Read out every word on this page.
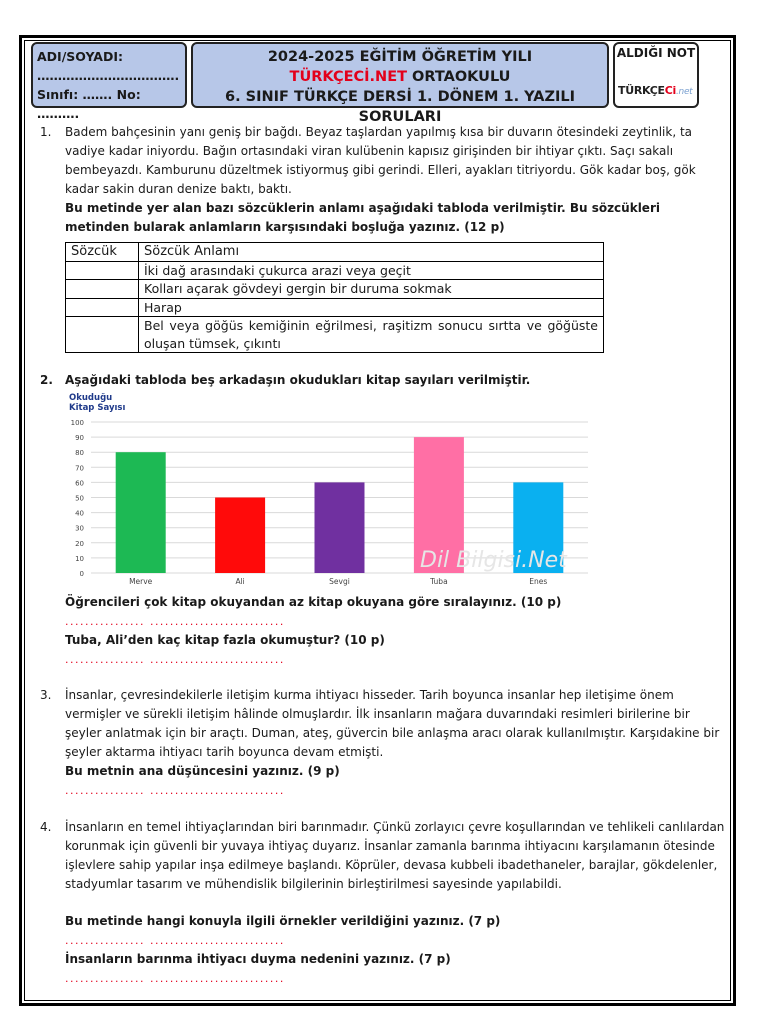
ADI/SOYADI:
…………………………….
Sınıfı: ……. No: ……….
2024-2025 EĞİTİM ÖĞRETİM YILI
TÜRKÇECİ.NET ORTAOKULU
6. SINIF TÜRKÇE DERSİ 1. DÖNEM 1. YAZILI SORULARI
ALDIĞI NOT
TÜRKÇECi.net
1. Badem bahçesinin yanı geniş bir bağdı. Beyaz taşlardan yapılmış kısa bir duvarın ötesindeki zeytinlik, ta vadiye kadar iniyordu. Bağın ortasındaki viran kulübenin kapısız girişinden bir ihtiyar çıktı. Saçı sakalı bembeyazdı. Kamburunu düzeltmek istiyormuş gibi gerindi. Elleri, ayakları titriyordu. Gök kadar boş, gök kadar sakin duran denize baktı, baktı.
Bu metinde yer alan bazı sözcüklerin anlamı aşağıdaki tabloda verilmiştir. Bu sözcükleri metinden bularak anlamların karşısındaki boşluğa yazınız. (12 p)
Sözcük	Sözcük Anlamı
	İki dağ arasındaki çukurca arazi veya geçit
	Kolları açarak gövdeyi gergin bir duruma sokmak
	Harap
	Bel veya göğüs kemiğinin eğrilmesi, raşitizm sonucu sırtta ve göğüste oluşan tümsek, çıkıntı
2. Aşağıdaki tabloda beş arkadaşın okudukları kitap sayıları verilmiştir.
Okuduğu
Kitap Sayısı
0
10
20
30
40
50
60
70
80
90
100
Merve	Ali	Sevgi	Tuba	Enes
Dil Bilgisi.Net
Öğrencileri çok kitap okuyandan az kitap okuyana göre sıralayınız. (10 p)
................ ...........................
Tuba, Ali’den kaç kitap fazla okumuştur? (10 p)
................ ...........................
3. İnsanlar, çevresindekilerle iletişim kurma ihtiyacı hisseder. Tarih boyunca insanlar hep iletişime önem vermişler ve sürekli iletişim hâlinde olmuşlardır. İlk insanların mağara duvarındaki resimleri birilerine bir şeyler anlatmak için bir araçtı. Duman, ateş, güvercin bile anlaşma aracı olarak kullanılmıştır. Karşıdakine bir şeyler aktarma ihtiyacı tarih boyunca devam etmişti.
Bu metnin ana düşüncesini yazınız. (9 p)
................ ...........................
4. İnsanların en temel ihtiyaçlarından biri barınmadır. Çünkü zorlayıcı çevre koşullarından ve tehlikeli canlılardan korunmak için güvenli bir yuvaya ihtiyaç duyarız. İnsanlar zamanla barınma ihtiyacını karşılamanın ötesinde işlevlere sahip yapılar inşa edilmeye başlandı. Köprüler, devasa kubbeli ibadethaneler, barajlar, gökdelenler, stadyumlar tasarım ve mühendislik bilgilerinin birleştirilmesi sayesinde yapılabildi.
Bu metinde hangi konuyla ilgili örnekler verildiğini yazınız. (7 p)
................ ...........................
İnsanların barınma ihtiyacı duyma nedenini yazınız. (7 p)
................ ...........................
